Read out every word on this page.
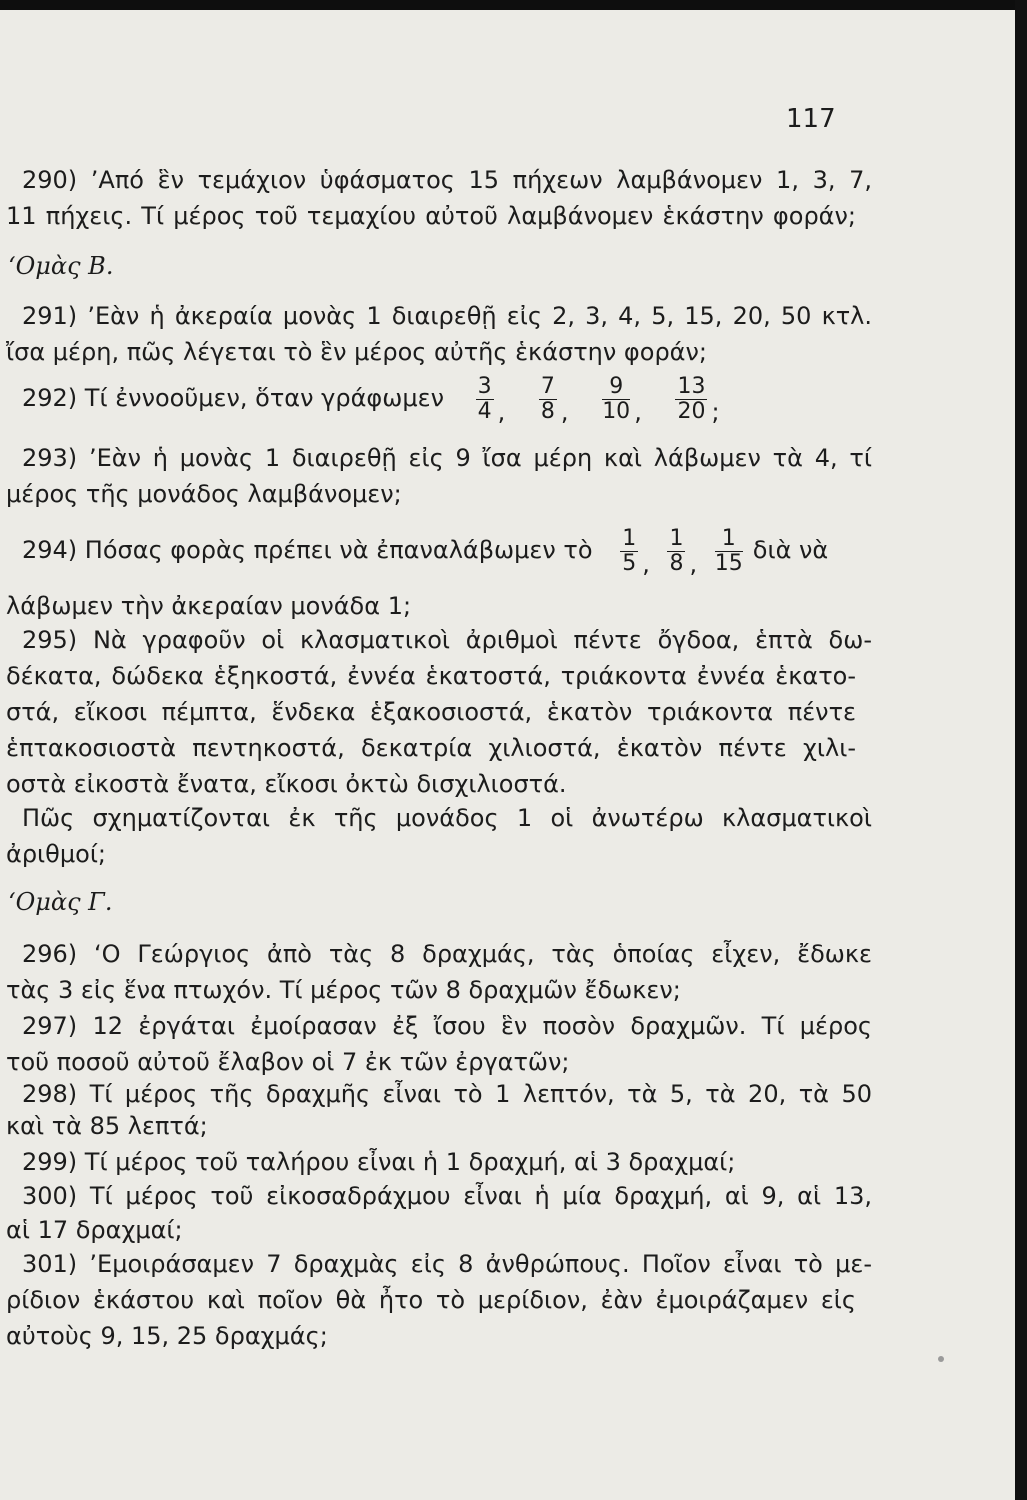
117
290) ’Από ἓν τεμάχιον ὑφάσματος 15 πήχεων λαμβάνομεν 1, 3, 7,
11 πήχεις. Τί μέρος τοῦ τεμαχίου αὐτοῦ λαμβάνομεν ἑκάστην φοράν;
‘Ομὰς Β.
291) ’Εὰν ἡ ἀκεραία μονὰς 1 διαιρεθῇ εἰς 2, 3, 4, 5, 15, 20, 50 κτλ.
ἴσα μέρη, πῶς λέγεται τὸ ἓν μέρος αὐτῆς ἑκάστην φοράν;
292) Τί ἐννοοῦμεν, ὅταν γράφωμεν $\frac{3}{4}$ , $\frac{7}{8}$ , $\frac{9}{10}$ , $\frac{13}{20}$ ;
293) ’Εὰν ἡ μονὰς 1 διαιρεθῇ εἰς 9 ἴσα μέρη καὶ λάβωμεν τὰ 4, τί
μέρος τῆς μονάδος λαμβάνομεν;
294) Πόσας φορὰς πρέπει νὰ ἐπαναλάβωμεν τὸ $\frac{1}{5}$ , $\frac{1}{8}$ , $\frac{1}{15}$ διὰ νὰ
λάβωμεν τὴν ἀκεραίαν μονάδα 1;
295) Νὰ γραφοῦν οἱ κλασματικοὶ ἀριθμοὶ πέντε ὄγδοα, ἑπτὰ δω-
δέκατα, δώδεκα ἑξηκοστά, ἐννέα ἑκατοστά, τριάκοντα ἐννέα ἑκατο-
στά, εἴκοσι πέμπτα, ἕνδεκα ἑξακοσιοστά, ἑκατὸν τριάκοντα πέντε
ἑπτακοσιοστὰ πεντηκοστά, δεκατρία χιλιοστά, ἑκατὸν πέντε χιλι-
οστὰ εἰκοστὰ ἔνατα, εἴκοσι ὀκτὼ δισχιλιοστά.
Πῶς σχηματίζονται ἐκ τῆς μονάδος 1 οἱ ἀνωτέρω κλασματικοὶ
ἀριθμοί;
‘Ομὰς Γ.
296) ‘Ο Γεώργιος ἀπὸ τὰς 8 δραχμάς, τὰς ὁποίας εἶχεν, ἔδωκε
τὰς 3 εἰς ἕνα πτωχόν. Τί μέρος τῶν 8 δραχμῶν ἔδωκεν;
297) 12 ἐργάται ἐμοίρασαν ἐξ ἴσου ἓν ποσὸν δραχμῶν. Τί μέρος
τοῦ ποσοῦ αὐτοῦ ἔλαβον οἱ 7 ἐκ τῶν ἐργατῶν;
298) Τί μέρος τῆς δραχμῆς εἶναι τὸ 1 λεπτόν, τὰ 5, τὰ 20, τὰ 50
καὶ τὰ 85 λεπτά;
299) Τί μέρος τοῦ ταλήρου εἶναι ἡ 1 δραχμή, αἱ 3 δραχμαί;
300) Τί μέρος τοῦ εἰκοσαδράχμου εἶναι ἡ μία δραχμή, αἱ 9, αἱ 13,
αἱ 17 δραχμαί;
301) ’Εμοιράσαμεν 7 δραχμὰς εἰς 8 ἀνθρώπους. Ποῖον εἶναι τὸ με-
ρίδιον ἑκάστου καὶ ποῖον θὰ ἦτο τὸ μερίδιον, ἐὰν ἐμοιράζαμεν εἰς
αὐτοὺς 9, 15, 25 δραχμάς;
